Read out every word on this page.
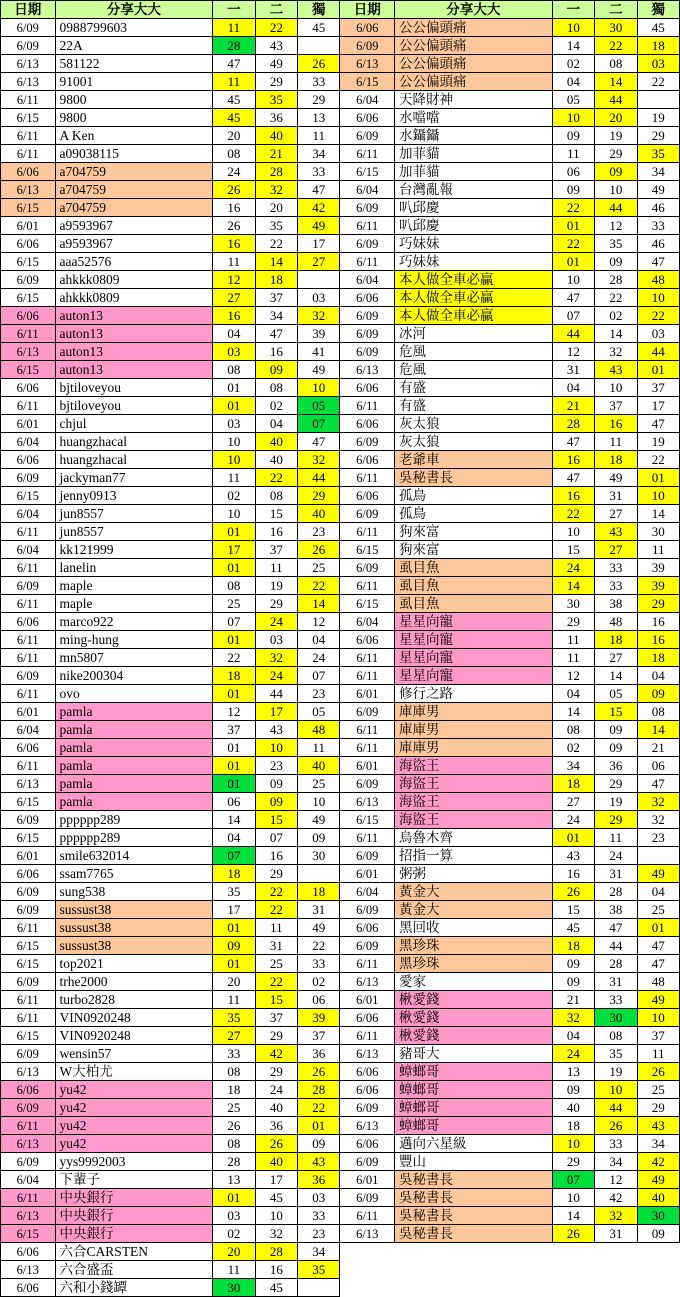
日期	分享大大	一	二	獨	日期	分享大大	一	二	獨
6/09	0988799603	11	22	45	6/06	公公偏頭痛	10	30	45
6/09	22A	28	43		6/09	公公偏頭痛	14	22	18
6/13	581122	47	49	26	6/13	公公偏頭痛	02	08	03
6/13	91001	11	29	33	6/15	公公偏頭痛	04	14	22
6/11	9800	45	35	29	6/04	天降財神	05	44	
6/15	9800	45	36	13	6/06	水噹噹	10	20	19
6/11	A Ken	20	40	11	6/09	水鑷鑷	09	19	29
6/11	a09038115	08	21	34	6/11	加菲貓	11	29	35
6/06	a704759	24	28	33	6/15	加菲貓	06	09	34
6/13	a704759	26	32	47	6/04	台灣亂報	09	10	49
6/15	a704759	16	20	42	6/09	叭邱慶	22	44	46
6/01	a9593967	26	35	49	6/11	叭邱慶	01	12	33
6/06	a9593967	16	22	17	6/09	巧妹妹	22	35	46
6/15	aaa52576	11	14	27	6/11	巧妹妹	01	09	47
6/09	ahkkk0809	12	18		6/04	本人做全車必贏	10	28	48
6/15	ahkkk0809	27	37	03	6/06	本人做全車必贏	47	22	10
6/06	auton13	16	34	32	6/09	本人做全車必贏	07	02	22
6/11	auton13	04	47	39	6/09	冰河	44	14	03
6/13	auton13	03	16	41	6/09	危風	12	32	44
6/15	auton13	08	09	49	6/13	危風	31	43	01
6/06	bjtiloveyou	01	08	10	6/06	有盛	04	10	37
6/11	bjtiloveyou	01	02	05	6/11	有盛	21	37	17
6/01	chjul	03	04	07	6/06	灰太狼	28	16	47
6/04	huangzhacal	10	40	47	6/09	灰太狼	47	11	19
6/06	huangzhacal	10	40	32	6/06	老爺車	16	18	22
6/09	jackyman77	11	22	44	6/11	吳秘書長	47	49	01
6/15	jenny0913	02	08	29	6/06	孤鳥	16	31	10
6/04	jun8557	10	15	40	6/09	孤鳥	22	27	14
6/11	jun8557	01	16	23	6/11	狗來富	10	43	30
6/04	kk121999	17	37	26	6/15	狗來富	15	27	11
6/11	lanelin	01	11	25	6/09	虱目魚	24	33	39
6/09	maple	08	19	22	6/11	虱目魚	14	33	39
6/11	maple	25	29	14	6/15	虱目魚	30	38	29
6/06	marco922	07	24	12	6/04	星星向寵	29	48	16
6/11	ming-hung	01	03	04	6/06	星星向寵	11	18	16
6/11	mn5807	22	32	24	6/11	星星向寵	11	27	18
6/09	nike200304	18	24	07	6/11	星星向寵	12	14	04
6/11	ovo	01	44	23	6/01	修行之路	04	05	09
6/01	pamla	12	17	05	6/09	庫庫男	14	15	08
6/04	pamla	37	43	48	6/11	庫庫男	08	09	14
6/06	pamla	01	10	11	6/11	庫庫男	02	09	21
6/11	pamla	01	23	40	6/01	海盜王	34	36	06
6/13	pamla	01	09	25	6/09	海盜王	18	29	47
6/15	pamla	06	09	10	6/13	海盜王	27	19	32
6/09	pppppp289	14	15	49	6/15	海盜王	24	29	32
6/15	pppppp289	04	07	09	6/11	烏魯木齊	01	11	23
6/01	smile632014	07	16	30	6/09	招指一算	43	24	
6/06	ssam7765	18	29		6/01	粥粥	16	31	49
6/09	sung538	35	22	18	6/04	黃金大	26	28	04
6/09	sussust38	17	22	31	6/09	黃金大	15	38	25
6/11	sussust38	01	11	49	6/06	黑回收	45	47	01
6/15	sussust38	09	31	22	6/09	黑珍珠	18	44	47
6/15	top2021	01	25	33	6/11	黑珍珠	09	28	47
6/09	trhe2000	20	22	02	6/13	愛家	09	31	48
6/11	turbo2828	11	15	06	6/01	楸愛錢	21	33	49
6/11	VIN0920248	35	37	39	6/06	楸愛錢	32	30	10
6/15	VIN0920248	27	29	37	6/11	楸愛錢	04	08	37
6/09	wensin57	33	42	36	6/13	豬哥大	24	35	11
6/13	W大柏尤	08	29	26	6/06	蟑螂哥	13	19	26
6/06	yu42	18	24	28	6/06	蟑螂哥	09	10	25
6/09	yu42	25	40	22	6/09	蟑螂哥	40	44	29
6/11	yu42	26	36	01	6/13	蟑螂哥	18	26	43
6/13	yu42	08	26	09	6/06	邁向六星級	10	33	34
6/09	yys9992003	28	40	43	6/09	豐山	29	34	42
6/04	下輩子	13	17	36	6/01	吳秘書長	07	12	49
6/11	中央銀行	01	45	03	6/09	吳秘書長	10	42	40
6/13	中央銀行	03	10	33	6/11	吳秘書長	14	32	30
6/15	中央銀行	02	32	23	6/13	吳秘書長	26	31	09
6/06	六合CARSTEN	20	28	34					
6/13	六合盛盃	11	16	35					
6/06	六和小錢罈	30	45						
